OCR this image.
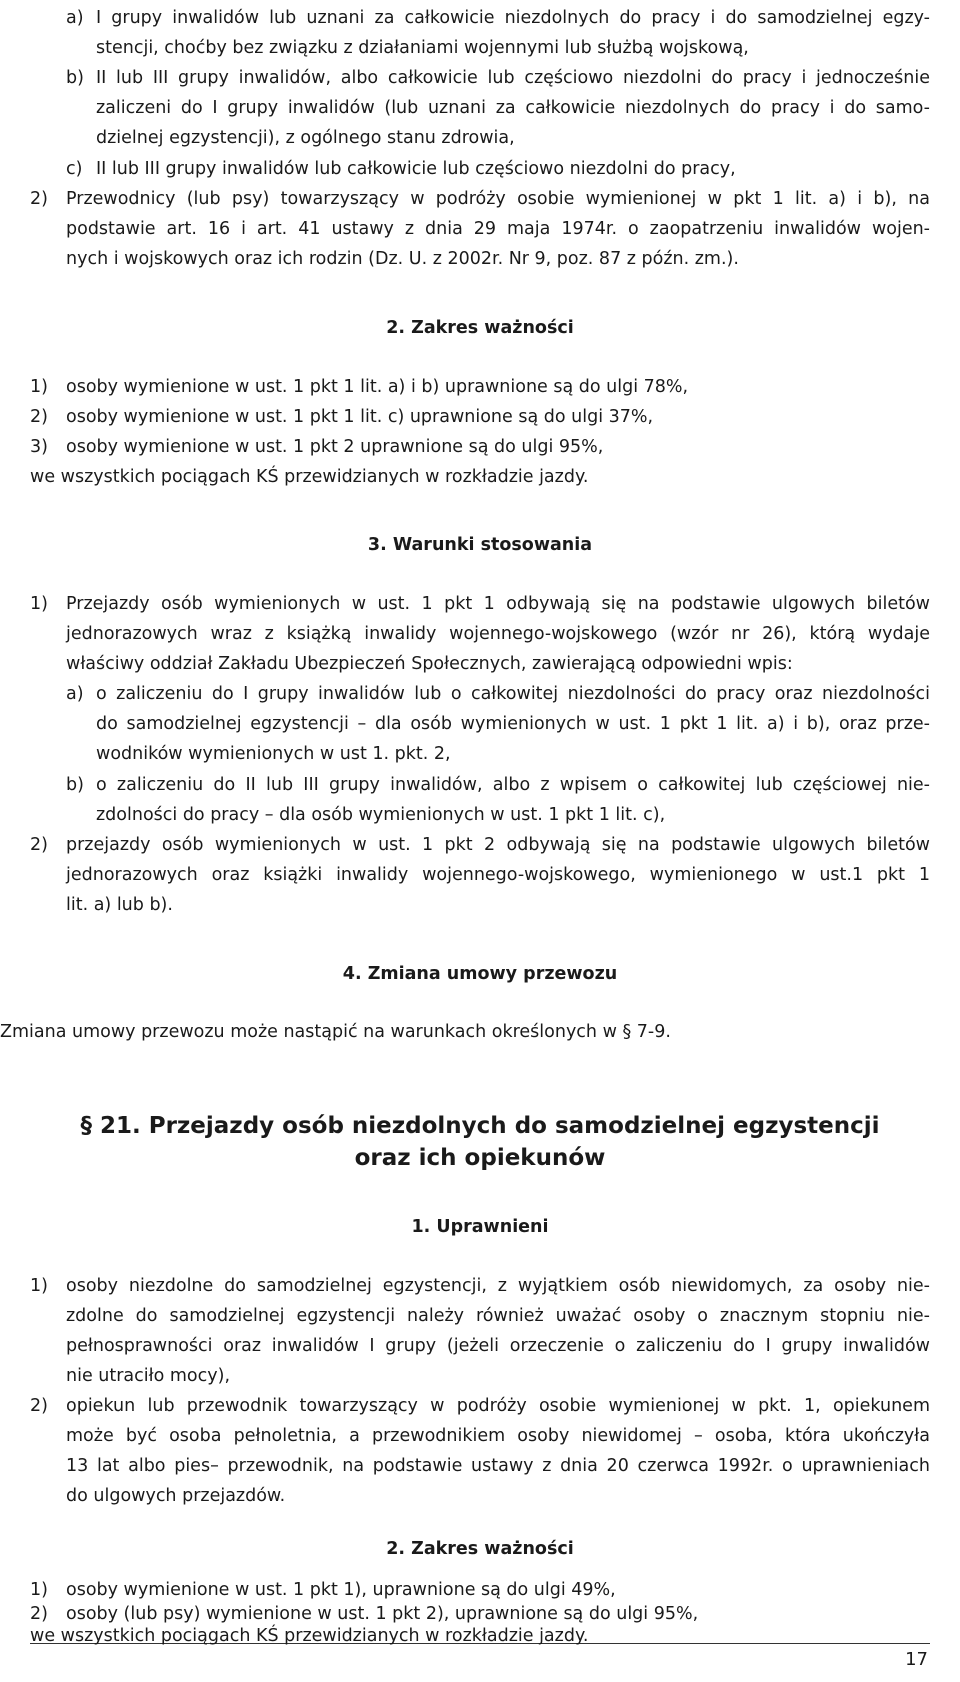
a) I grupy inwalidów lub uznani za całkowicie niezdolnych do pracy i do samodzielnej egzy-
stencji, choćby bez związku z działaniami wojennymi lub służbą wojskową,
b) II lub III grupy inwalidów, albo całkowicie lub częściowo niezdolni do pracy i jednocześnie
zaliczeni do I grupy inwalidów (lub uznani za całkowicie niezdolnych do pracy i do samo-
dzielnej egzystencji), z ogólnego stanu zdrowia,
c) II lub III grupy inwalidów lub całkowicie lub częściowo niezdolni do pracy,
2) Przewodnicy (lub psy) towarzyszący w podróży osobie wymienionej w pkt 1 lit. a) i b), na
podstawie art. 16 i art. 41 ustawy z dnia 29 maja 1974r. o zaopatrzeniu inwalidów wojen-
nych i wojskowych oraz ich rodzin (Dz. U. z 2002r. Nr 9, poz. 87 z późn. zm.).
2. Zakres ważności
1) osoby wymienione w ust. 1 pkt 1 lit. a) i b) uprawnione są do ulgi 78%,
2) osoby wymienione w ust. 1 pkt 1 lit. c) uprawnione są do ulgi 37%,
3) osoby wymienione w ust. 1 pkt 2 uprawnione są do ulgi 95%,
we wszystkich pociągach KŚ przewidzianych w rozkładzie jazdy.
3. Warunki stosowania
1) Przejazdy osób wymienionych w ust. 1 pkt 1 odbywają się na podstawie ulgowych biletów
jednorazowych wraz z książką inwalidy wojennego-wojskowego (wzór nr 26), którą wydaje
właściwy oddział Zakładu Ubezpieczeń Społecznych, zawierającą odpowiedni wpis:
a) o zaliczeniu do I grupy inwalidów lub o całkowitej niezdolności do pracy oraz niezdolności
do samodzielnej egzystencji – dla osób wymienionych w ust. 1 pkt 1 lit. a) i b), oraz prze-
wodników wymienionych w ust 1. pkt. 2,
b) o zaliczeniu do II lub III grupy inwalidów, albo z wpisem o całkowitej lub częściowej nie-
zdolności do pracy – dla osób wymienionych w ust. 1 pkt 1 lit. c),
2) przejazdy osób wymienionych w ust. 1 pkt 2 odbywają się na podstawie ulgowych biletów
jednorazowych oraz książki inwalidy wojennego-wojskowego, wymienionego w ust.1 pkt 1
lit. a) lub b).
4. Zmiana umowy przewozu
Zmiana umowy przewozu może nastąpić na warunkach określonych w § 7-9.
§ 21. Przejazdy osób niezdolnych do samodzielnej egzystencji
oraz ich opiekunów
1. Uprawnieni
1) osoby niezdolne do samodzielnej egzystencji, z wyjątkiem osób niewidomych, za osoby nie-
zdolne do samodzielnej egzystencji należy również uważać osoby o znacznym stopniu nie-
pełnosprawności oraz inwalidów I grupy (jeżeli orzeczenie o zaliczeniu do I grupy inwalidów
nie utraciło mocy),
2) opiekun lub przewodnik towarzyszący w podróży osobie wymienionej w pkt. 1, opiekunem
może być osoba pełnoletnia, a przewodnikiem osoby niewidomej – osoba, która ukończyła
13 lat albo pies– przewodnik, na podstawie ustawy z dnia 20 czerwca 1992r. o uprawnieniach
do ulgowych przejazdów.
2. Zakres ważności
1) osoby wymienione w ust. 1 pkt 1), uprawnione są do ulgi 49%,
17
2) osoby (lub psy) wymienione w ust. 1 pkt 2), uprawnione są do ulgi 95%,
we wszystkich pociągach KŚ przewidzianych w rozkładzie jazdy.
